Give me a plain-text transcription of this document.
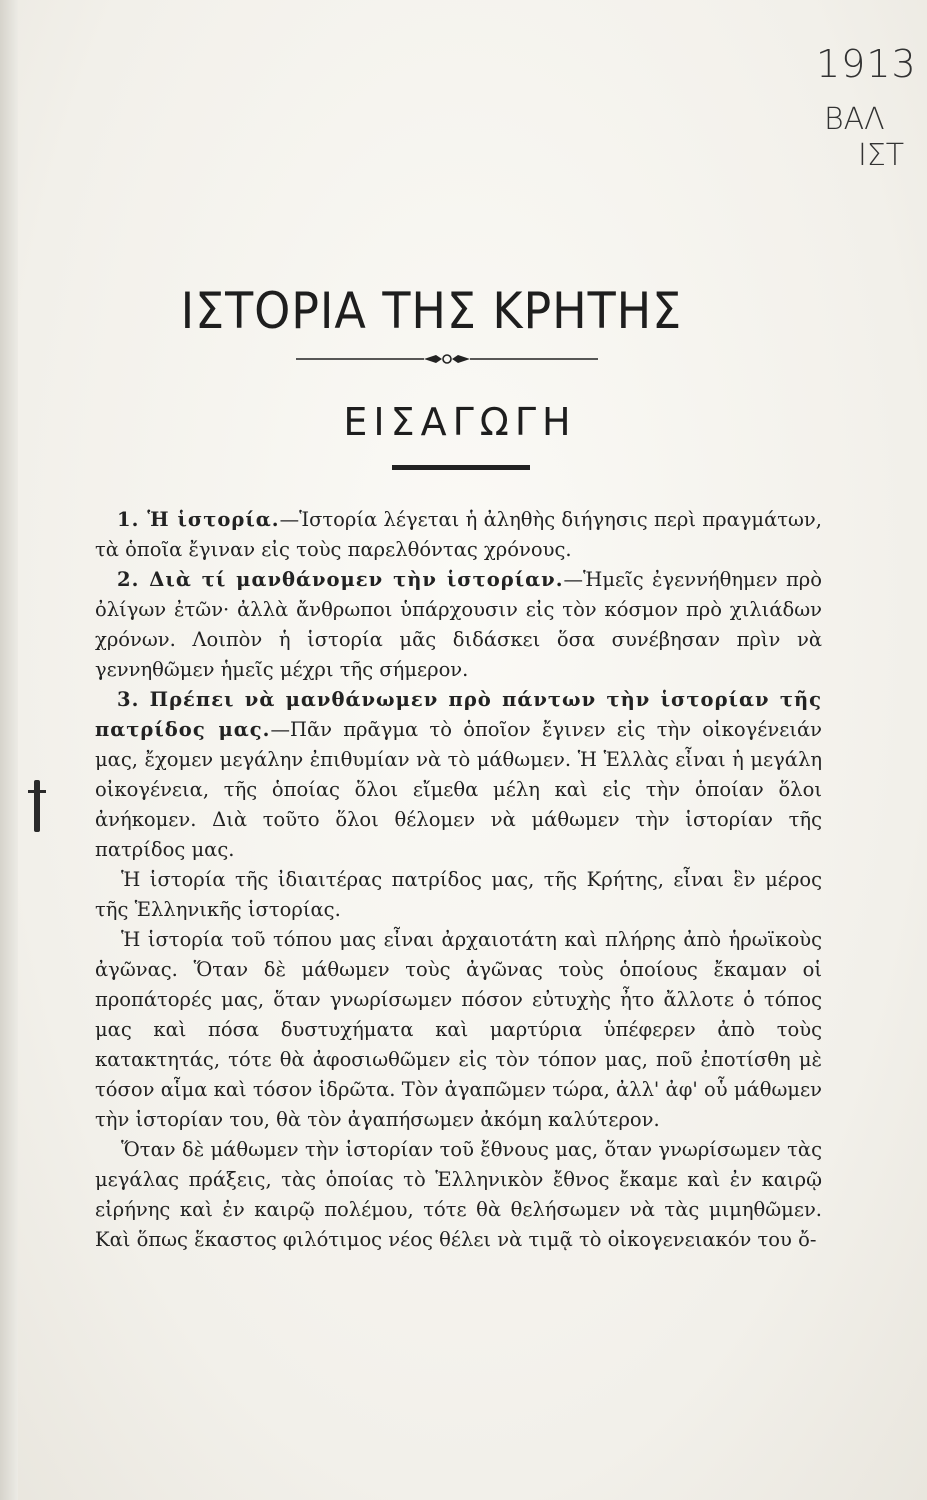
1913
ΒΑΛ
ΙΣΤ
ΙΣΤΟΡΙΑ ΤΗΣ ΚΡΗΤΗΣ
ΕΙΣΑΓΩΓΗ

1. Ἡ ἱστορία.—Ἱστορία λέγεται ἡ ἀληθὴς διήγησις περὶ πραγμάτων, τὰ ὁποῖα ἔγιναν εἰς τοὺς παρελθόντας χρόνους.

2. Διὰ τί μανθάνομεν τὴν ἱστορίαν.—Ἡμεῖς ἐγεννήθημεν πρὸ ὀλίγων ἐτῶν· ἀλλὰ ἄνθρωποι ὑπάρχουσιν εἰς τὸν κόσμον πρὸ χιλιάδων χρόνων. Λοιπὸν ἡ ἱστορία μᾶς διδάσκει ὅσα συνέβησαν πρὶν νὰ γεννηθῶμεν ἡμεῖς μέχρι τῆς σήμερον.

3. Πρέπει νὰ μανθάνωμεν πρὸ πάντων τὴν ἱστορίαν τῆς πατρίδος μας.—Πᾶν πρᾶγμα τὸ ὁποῖον ἔγινεν εἰς τὴν οἰκογένειάν μας, ἔχομεν μεγάλην ἐπιθυμίαν νὰ τὸ μάθωμεν. Ἡ Ἑλλὰς εἶναι ἡ μεγάλη οἰκογένεια, τῆς ὁποίας ὅλοι εἴμεθα μέλη καὶ εἰς τὴν ὁποίαν ὅλοι ἀνήκομεν. Διὰ τοῦτο ὅλοι θέλομεν νὰ μάθωμεν τὴν ἱστορίαν τῆς πατρίδος μας.

Ἡ ἱστορία τῆς ἰδιαιτέρας πατρίδος μας, τῆς Κρήτης, εἶναι ἓν μέρος τῆς Ἑλληνικῆς ἱστορίας.

Ἡ ἱστορία τοῦ τόπου μας εἶναι ἀρχαιοτάτη καὶ πλήρης ἀπὸ ἡρωϊκοὺς ἀγῶνας. Ὅταν δὲ μάθωμεν τοὺς ἀγῶνας τοὺς ὁποίους ἔκαμαν οἱ προπάτορές μας, ὅταν γνωρίσωμεν πόσον εὐτυχὴς ἦτο ἄλλοτε ὁ τόπος μας καὶ πόσα δυστυχήματα καὶ μαρτύρια ὑπέφερεν ἀπὸ τοὺς κατακτητάς, τότε θὰ ἀφοσιωθῶμεν εἰς τὸν τόπον μας, ποῦ ἐποτίσθη μὲ τόσον αἷμα καὶ τόσον ἱδρῶτα. Τὸν ἀγαπῶμεν τώρα, ἀλλ' ἀφ' οὗ μάθωμεν τὴν ἱστορίαν του, θὰ τὸν ἀγαπήσωμεν ἀκόμη καλύτερον.

Ὅταν δὲ μάθωμεν τὴν ἱστορίαν τοῦ ἔθνους μας, ὅταν γνωρίσωμεν τὰς μεγάλας πράξεις, τὰς ὁποίας τὸ Ἑλληνικὸν ἔθνος ἔκαμε καὶ ἐν καιρῷ εἰρήνης καὶ ἐν καιρῷ πολέμου, τότε θὰ θελήσωμεν νὰ τὰς μιμηθῶμεν. Καὶ ὅπως ἕκαστος φιλότιμος νέος θέλει νὰ τιμᾷ τὸ οἰκογενειακόν του ὄ-
